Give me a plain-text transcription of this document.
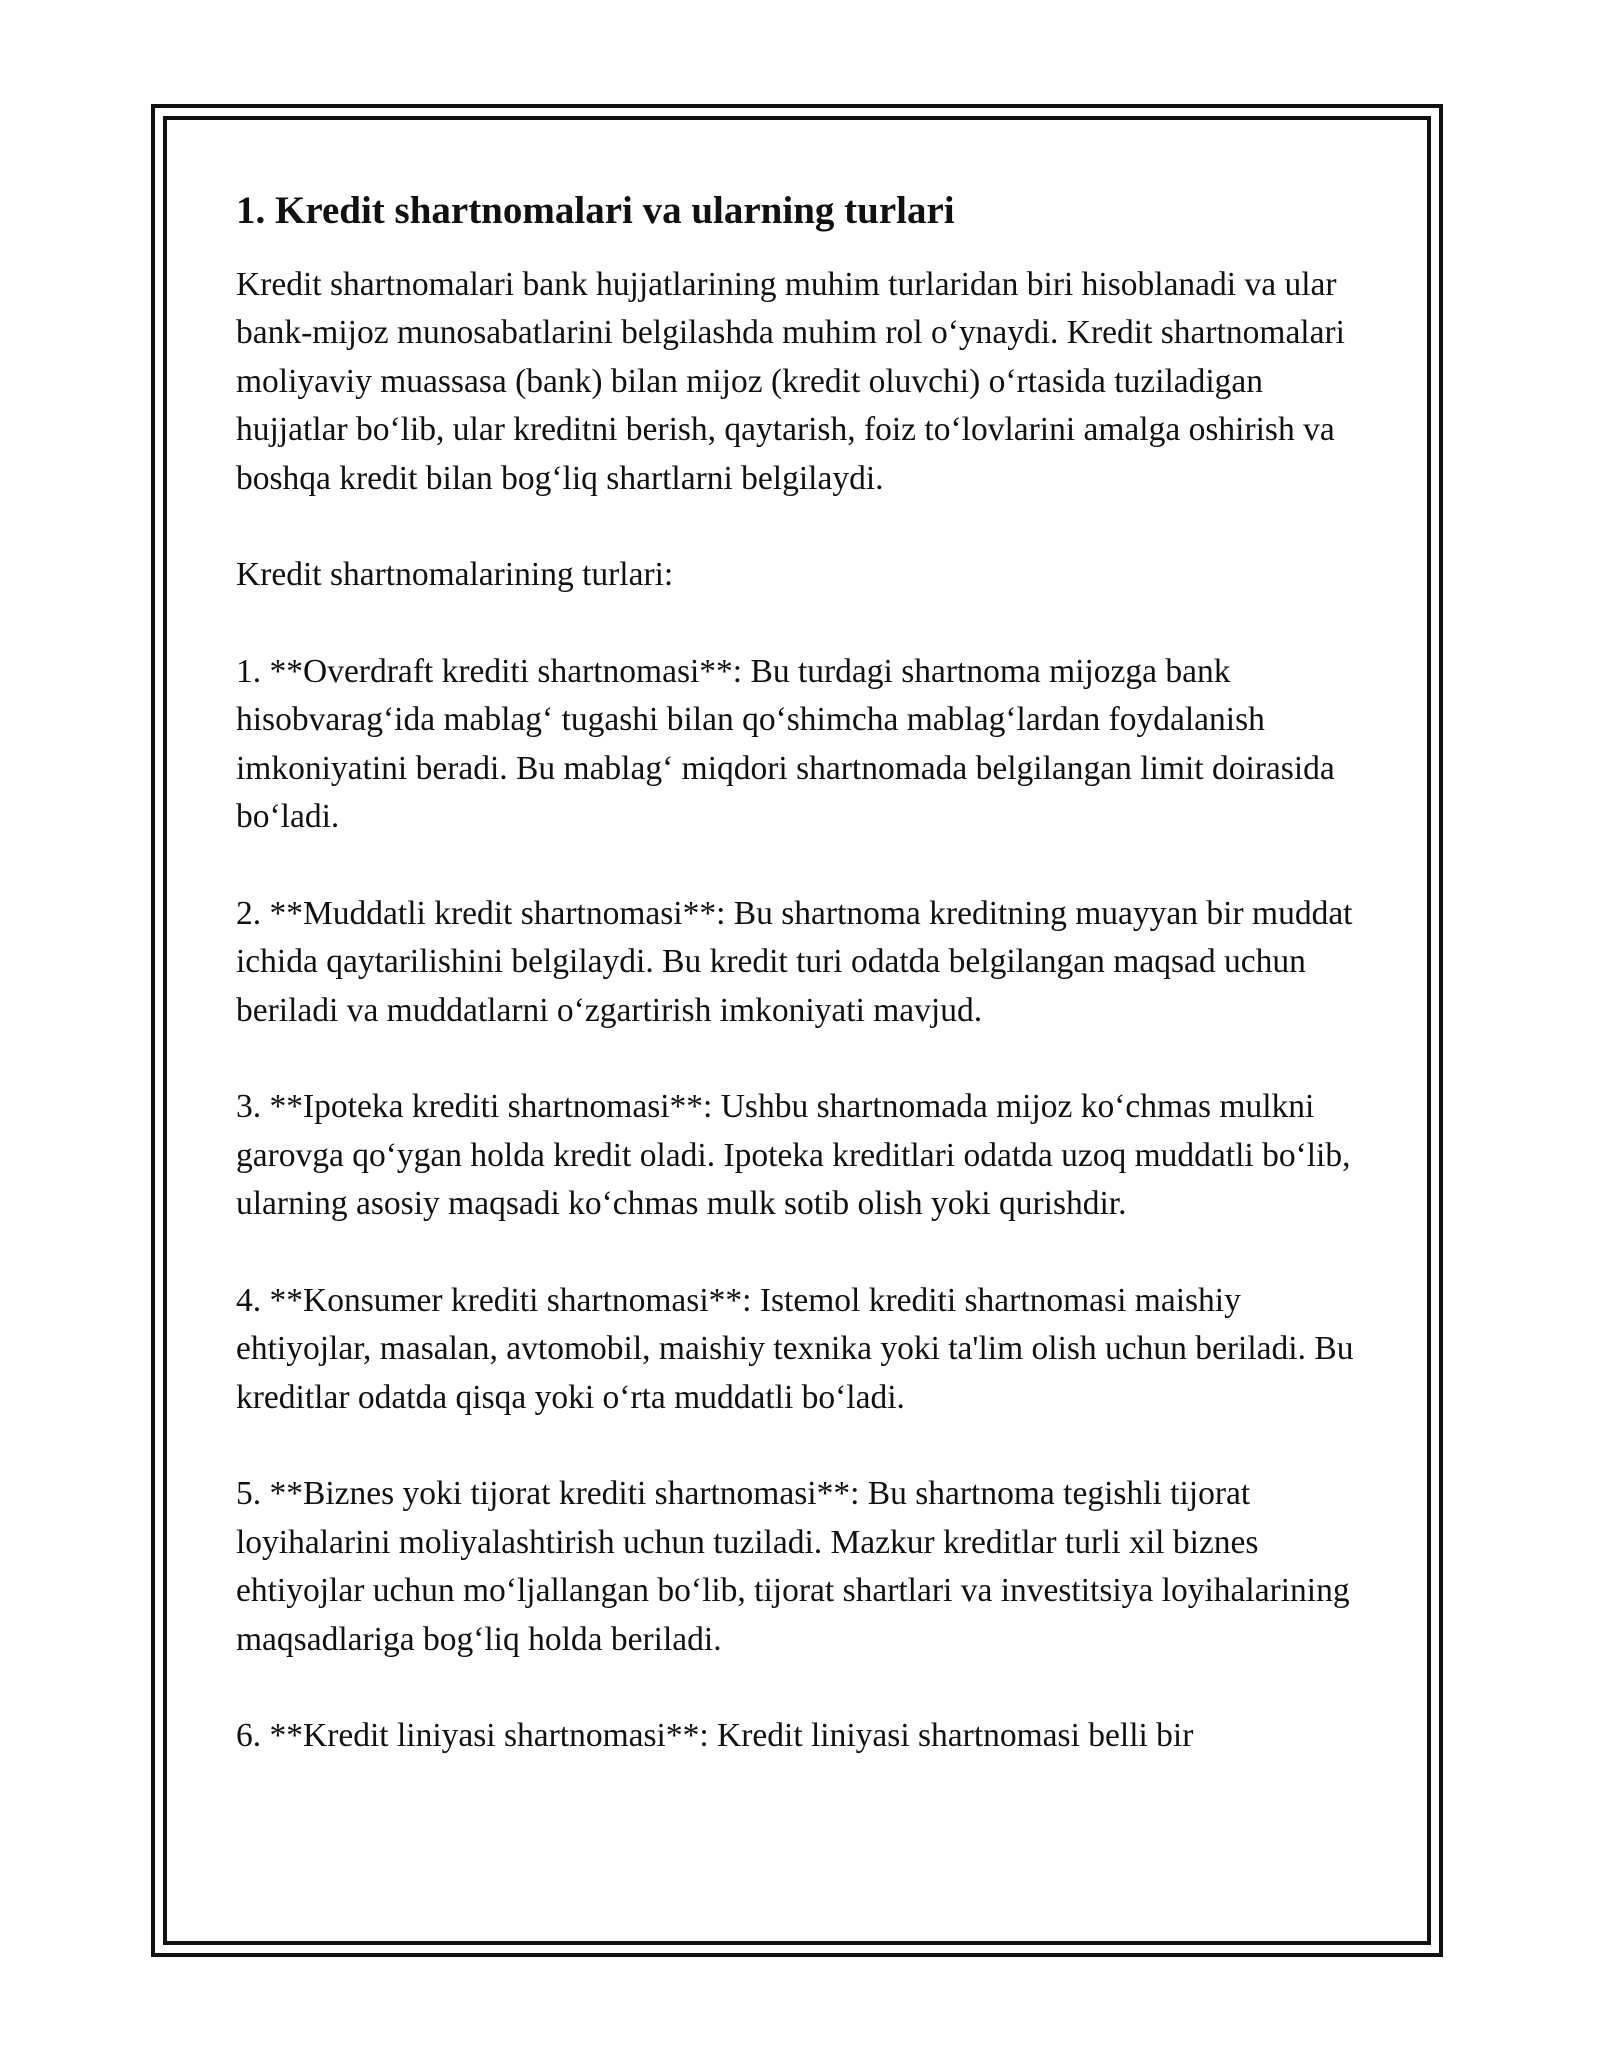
1. Kredit shartnomalari va ularning turlari

Kredit shartnomalari bank hujjatlarining muhim turlaridan biri hisoblanadi va ular bank-mijoz munosabatlarini belgilashda muhim rol o‘ynaydi. Kredit shartnomalari moliyaviy muassasa (bank) bilan mijoz (kredit oluvchi) o‘rtasida tuziladigan hujjatlar bo‘lib, ular kreditni berish, qaytarish, foiz to‘lovlarini amalga oshirish va boshqa kredit bilan bog‘liq shartlarni belgilaydi.

Kredit shartnomalarining turlari:

1. **Overdraft krediti shartnomasi**: Bu turdagi shartnoma mijozga bank hisobvarag‘ida mablag‘ tugashi bilan qo‘shimcha mablag‘lardan foydalanish imkoniyatini beradi. Bu mablag‘ miqdori shartnomada belgilangan limit doirasida bo‘ladi.

2. **Muddatli kredit shartnomasi**: Bu shartnoma kreditning muayyan bir muddat ichida qaytarilishini belgilaydi. Bu kredit turi odatda belgilangan maqsad uchun beriladi va muddatlarni o‘zgartirish imkoniyati mavjud.

3. **Ipoteka krediti shartnomasi**: Ushbu shartnomada mijoz ko‘chmas mulkni garovga qo‘ygan holda kredit oladi. Ipoteka kreditlari odatda uzoq muddatli bo‘lib, ularning asosiy maqsadi ko‘chmas mulk sotib olish yoki qurishdir.

4. **Konsumer krediti shartnomasi**: Istemol krediti shartnomasi maishiy ehtiyojlar, masalan, avtomobil, maishiy texnika yoki ta'lim olish uchun beriladi. Bu kreditlar odatda qisqa yoki o‘rta muddatli bo‘ladi.

5. **Biznes yoki tijorat krediti shartnomasi**: Bu shartnoma tegishli tijorat loyihalarini moliyalashtirish uchun tuziladi. Mazkur kreditlar turli xil biznes ehtiyojlar uchun mo‘ljallangan bo‘lib, tijorat shartlari va investitsiya loyihalarining maqsadlariga bog‘liq holda beriladi.

6. **Kredit liniyasi shartnomasi**: Kredit liniyasi shartnomasi belli bir
